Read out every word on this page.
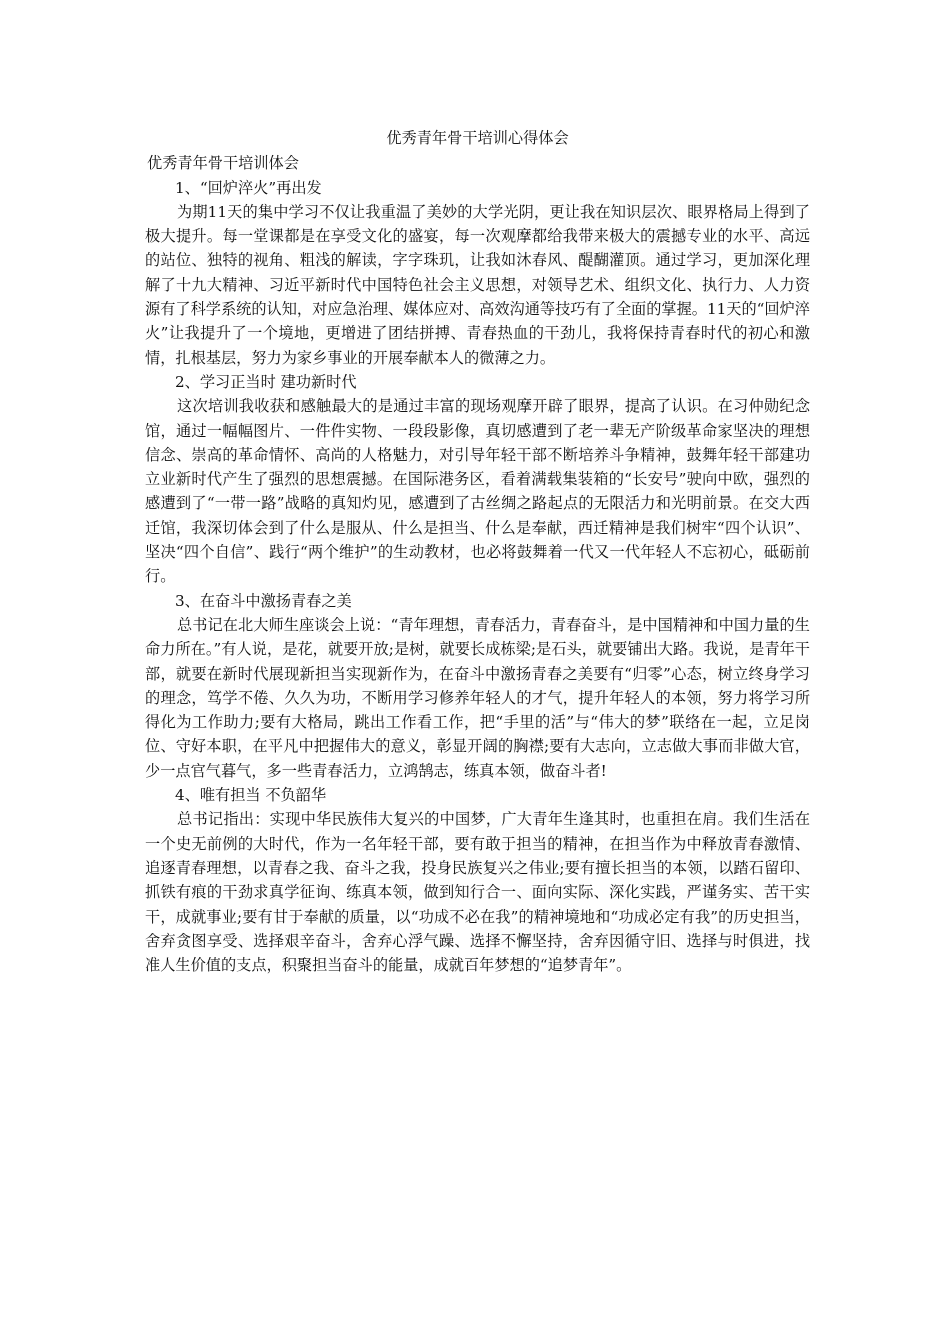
优秀青年骨干培训心得体会

优秀青年骨干培训体会

1、“回炉淬火”再出发

为期11天的集中学习不仅让我重温了美妙的大学光阴，更让我在知识层次、眼界格局上得到了极大提升。每一堂课都是在享受文化的盛宴，每一次观摩都给我带来极大的震撼专业的水平、高远的站位、独特的视角、粗浅的解读，字字珠玑，让我如沐春风、醍醐灌顶。通过学习，更加深化理解了十九大精神、习近平新时代中国特色社会主义思想，对领导艺术、组织文化、执行力、人力资源有了科学系统的认知，对应急治理、媒体应对、高效沟通等技巧有了全面的掌握。11天的“回炉淬火”让我提升了一个境地，更增进了团结拼搏、青春热血的干劲儿，我将保持青春时代的初心和激情，扎根基层，努力为家乡事业的开展奉献本人的微薄之力。

2、学习正当时 建功新时代

这次培训我收获和感触最大的是通过丰富的现场观摩开辟了眼界，提高了认识。在习仲勋纪念馆，通过一幅幅图片、一件件实物、一段段影像，真切感遭到了老一辈无产阶级革命家坚决的理想信念、崇高的革命情怀、高尚的人格魅力，对引导年轻干部不断培养斗争精神，鼓舞年轻干部建功立业新时代产生了强烈的思想震撼。在国际港务区，看着满载集装箱的“长安号”驶向中欧，强烈的感遭到了“一带一路”战略的真知灼见，感遭到了古丝绸之路起点的无限活力和光明前景。在交大西迁馆，我深切体会到了什么是服从、什么是担当、什么是奉献，西迁精神是我们树牢“四个认识”、坚决“四个自信”、践行“两个维护”的生动教材，也必将鼓舞着一代又一代年轻人不忘初心，砥砺前行。

3、在奋斗中激扬青春之美

总书记在北大师生座谈会上说：“青年理想，青春活力，青春奋斗，是中国精神和中国力量的生命力所在。”有人说，是花，就要开放;是树，就要长成栋梁;是石头，就要铺出大路。我说，是青年干部，就要在新时代展现新担当实现新作为，在奋斗中激扬青春之美要有“归零”心态，树立终身学习的理念，笃学不倦、久久为功，不断用学习修养年轻人的才气，提升年轻人的本领，努力将学习所得化为工作助力;要有大格局，跳出工作看工作，把“手里的活”与“伟大的梦”联络在一起，立足岗位、守好本职，在平凡中把握伟大的意义，彰显开阔的胸襟;要有大志向，立志做大事而非做大官，少一点官气暮气，多一些青春活力，立鸿鹄志，练真本领，做奋斗者!

4、唯有担当 不负韶华

总书记指出：实现中华民族伟大复兴的中国梦，广大青年生逢其时，也重担在肩。我们生活在一个史无前例的大时代，作为一名年轻干部，要有敢于担当的精神，在担当作为中释放青春激情、追逐青春理想，以青春之我、奋斗之我，投身民族复兴之伟业;要有擅长担当的本领，以踏石留印、抓铁有痕的干劲求真学征询、练真本领，做到知行合一、面向实际、深化实践，严谨务实、苦干实干，成就事业;要有甘于奉献的质量，以“功成不必在我”的精神境地和“功成必定有我”的历史担当，舍弃贪图享受、选择艰辛奋斗，舍弃心浮气躁、选择不懈坚持，舍弃因循守旧、选择与时俱进，找准人生价值的支点，积聚担当奋斗的能量，成就百年梦想的“追梦青年”。
